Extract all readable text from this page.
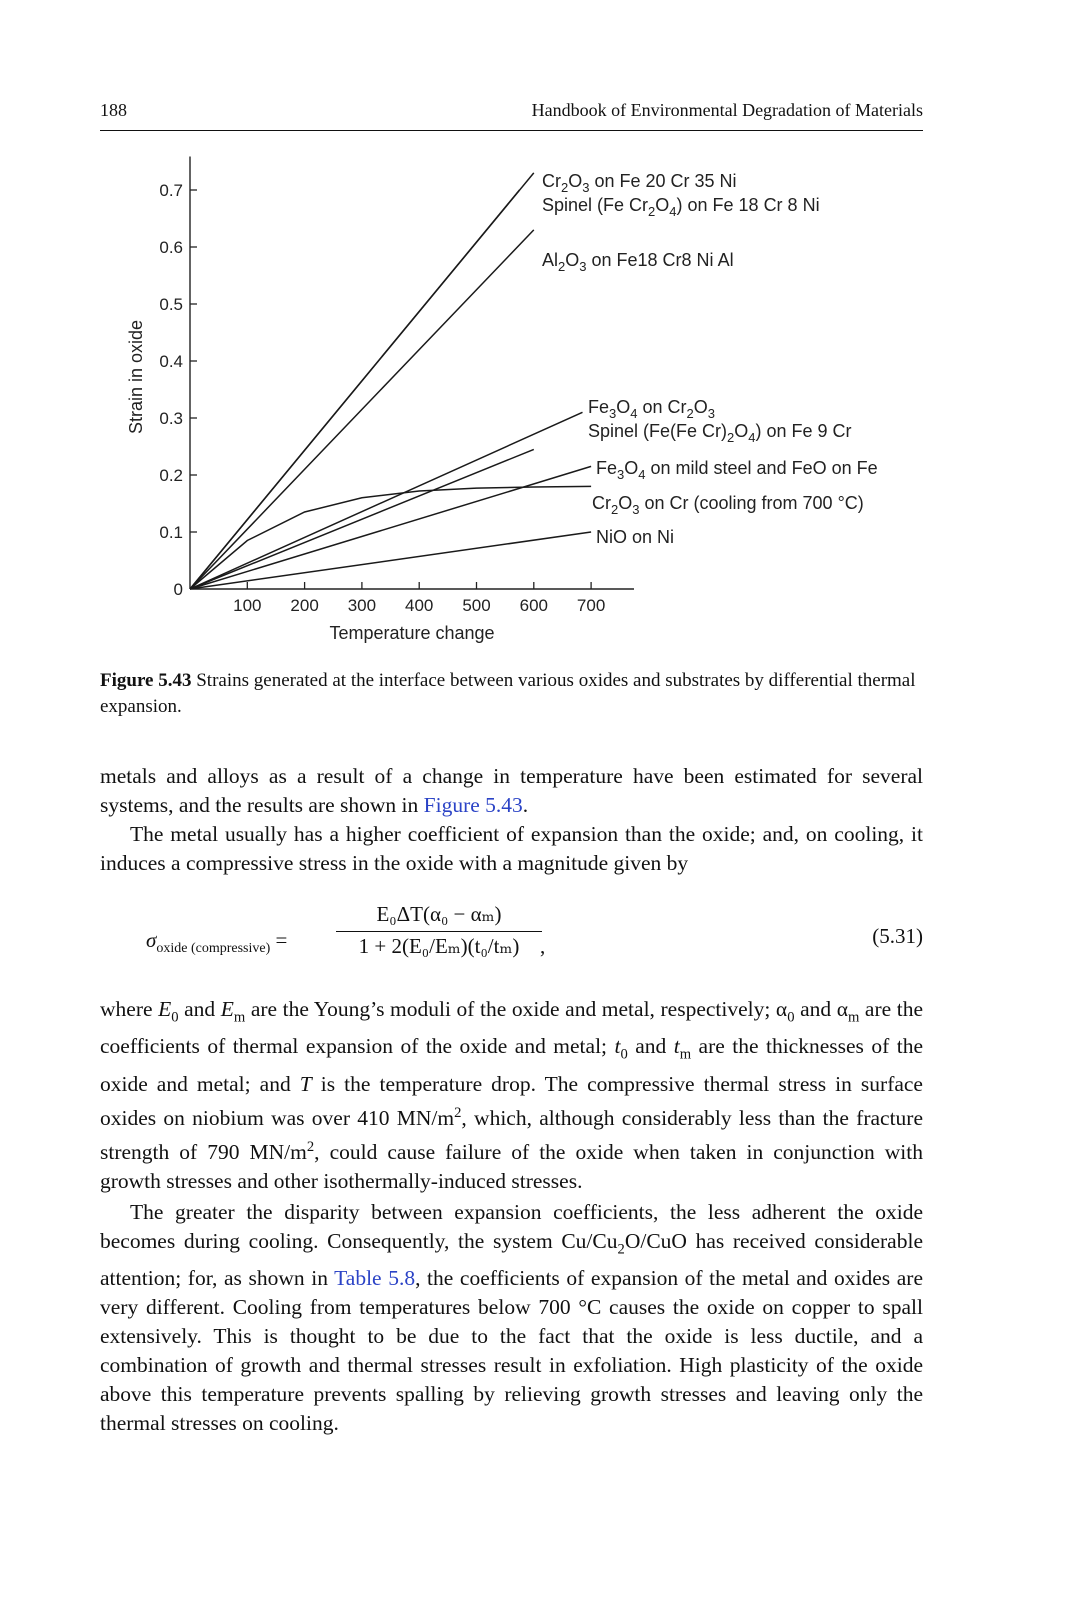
188	Handbook of Environmental Degradation of Materials
0
0.1
0.2
0.3
0.4
0.5
0.6
0.7
100 200 300 400 500 600 700
Temperature change
Strain in oxide
$Cr_2O_3$ on Fe 20 Cr 35 Ni
Spinel (Fe $Cr_2O_4$) on Fe 18 Cr 8 Ni
$Al_2O_3$ on Fe18 Cr8 Ni Al
$Fe_3O_4$ on $Cr_2O_3$
Spinel (Fe(Fe $Cr)_2O_4$) on Fe 9 Cr
$Fe_3O_4$ on mild steel and FeO on Fe
$Cr_2O_3$ on Cr (cooling from 700 °C)
NiO on Ni
Figure 5.43 Strains generated at the interface between various oxides and substrates by differential thermal expansion.

metals and alloys as a result of a change in temperature have been estimated for several systems, and the results are shown in Figure 5.43.

The metal usually has a higher coefficient of expansion than the oxide; and, on cooling, it induces a compressive stress in the oxide with a magnitude given by

$\sigma_{oxide (compressive)}$ =
E₀ΔT(α₀ − αₘ)
1 + 2(E₀/Eₘ)(t₀/tₘ) ,	(5.31)

where $E_0$ and $E_m$ are the Young’s moduli of the oxide and metal, respectively; $\alpha_0$ and $\alpha_m$ are the coefficients of thermal expansion of the oxide and metal; $t_0$ and $t_m$ are the thicknesses of the oxide and metal; and T is the temperature drop. The compressive thermal stress in surface oxides on niobium was over 410 $MN/m^2$, which, although considerably less than the fracture strength of 790 $MN/m^2$, could cause failure of the oxide when taken in conjunction with growth stresses and other isothermally-induced stresses.

The greater the disparity between expansion coefficients, the less adherent the oxide becomes during cooling. Consequently, the system $Cu/Cu_2O$/CuO has received considerable attention; for, as shown in Table 5.8, the coefficients of expansion of the metal and oxides are very different. Cooling from temperatures below 700 °C causes the oxide on copper to spall extensively. This is thought to be due to the fact that the oxide is less ductile, and a combination of growth and thermal stresses result in exfoliation. High plasticity of the oxide above this temperature prevents spalling by relieving growth stresses and leaving only the thermal stresses on cooling.
